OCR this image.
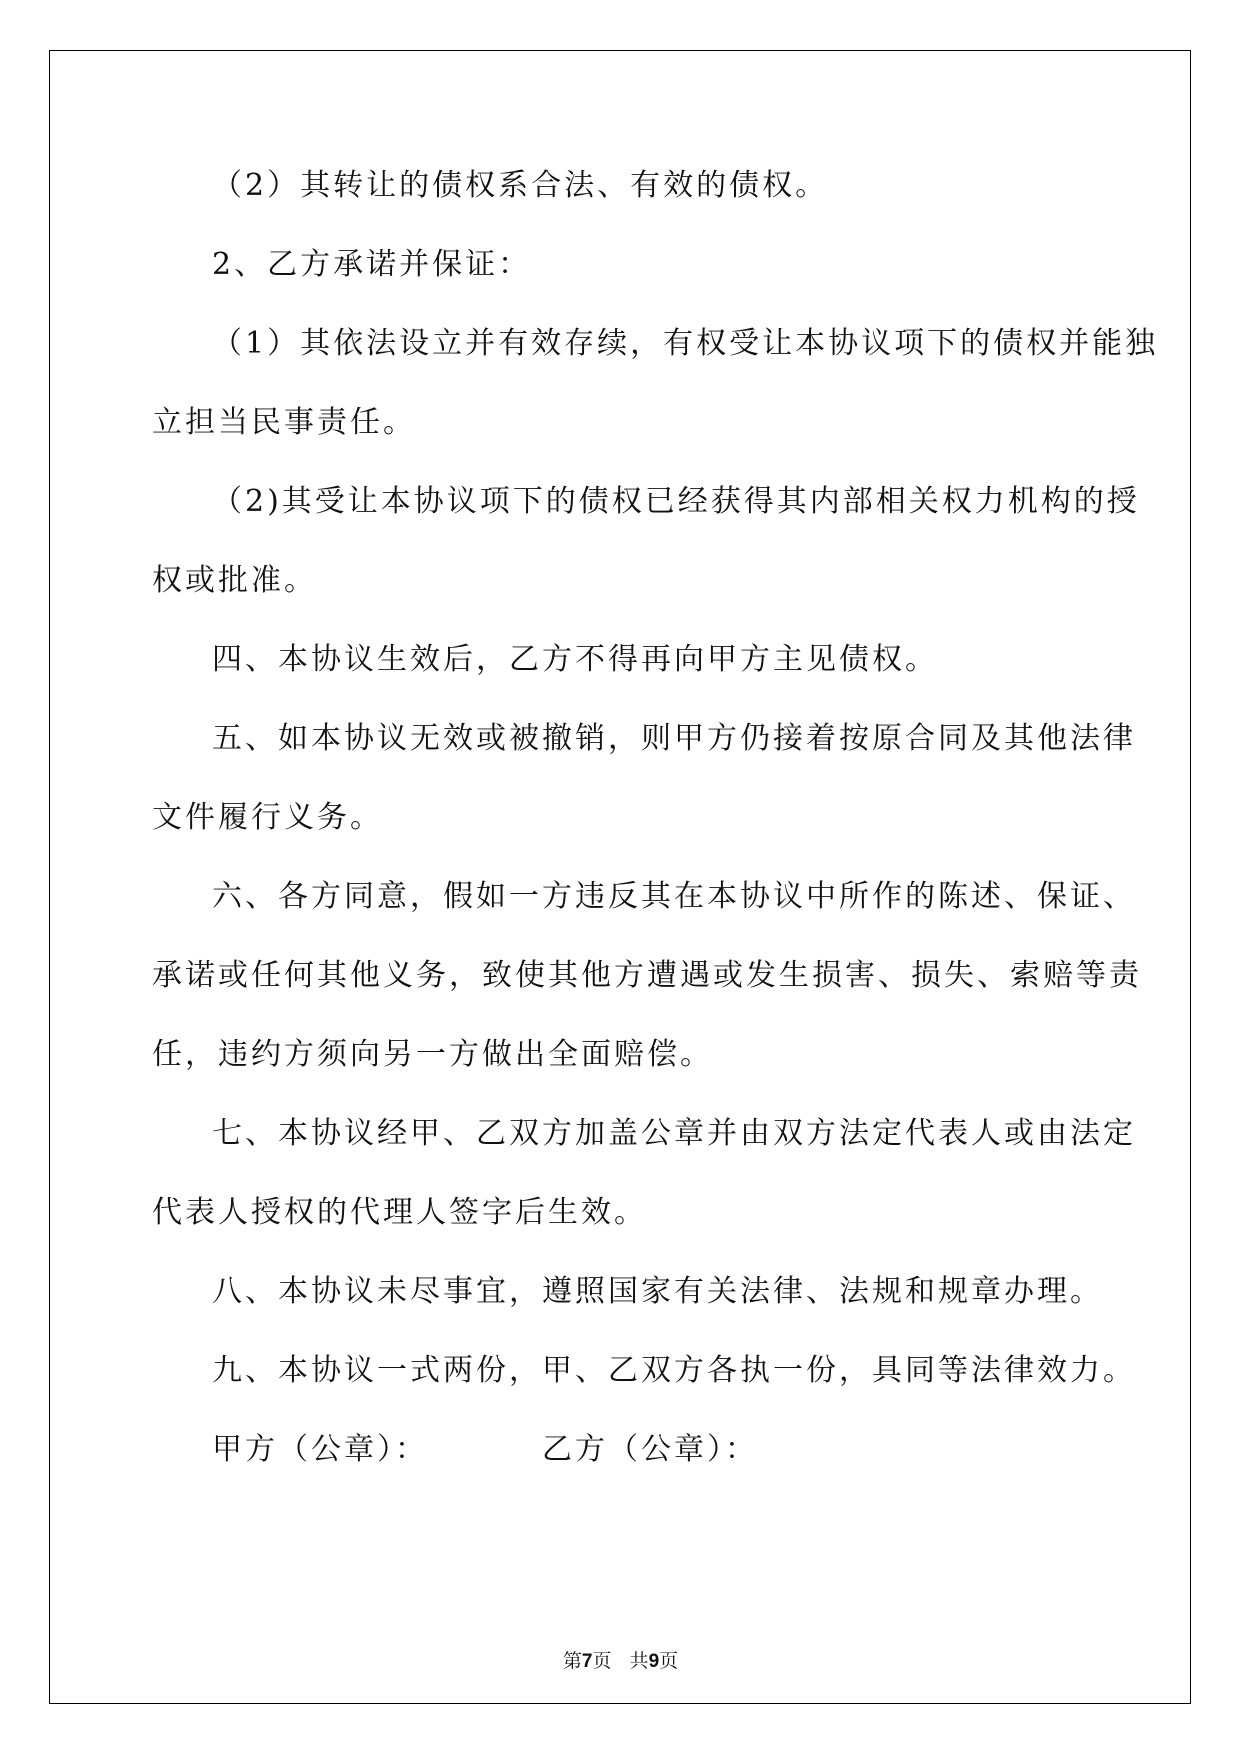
（2）其转让的债权系合法、有效的债权。
2、乙方承诺并保证：
（1）其依法设立并有效存续，有权受让本协议项下的债权并能独
立担当民事责任。
（2)其受让本协议项下的债权已经获得其内部相关权力机构的授
权或批准。
四、本协议生效后，乙方不得再向甲方主见债权。
五、如本协议无效或被撤销，则甲方仍接着按原合同及其他法律
文件履行义务。
六、各方同意，假如一方违反其在本协议中所作的陈述、保证、
承诺或任何其他义务，致使其他方遭遇或发生损害、损失、索赔等责
任，违约方须向另一方做出全面赔偿。
七、本协议经甲、乙双方加盖公章并由双方法定代表人或由法定
代表人授权的代理人签字后生效。
八、本协议未尽事宜，遵照国家有关法律、法规和规章办理。
九、本协议一式两份，甲、乙双方各执一份，具同等法律效力。
甲方（公章）：	乙方（公章）：
第7页   共9页
